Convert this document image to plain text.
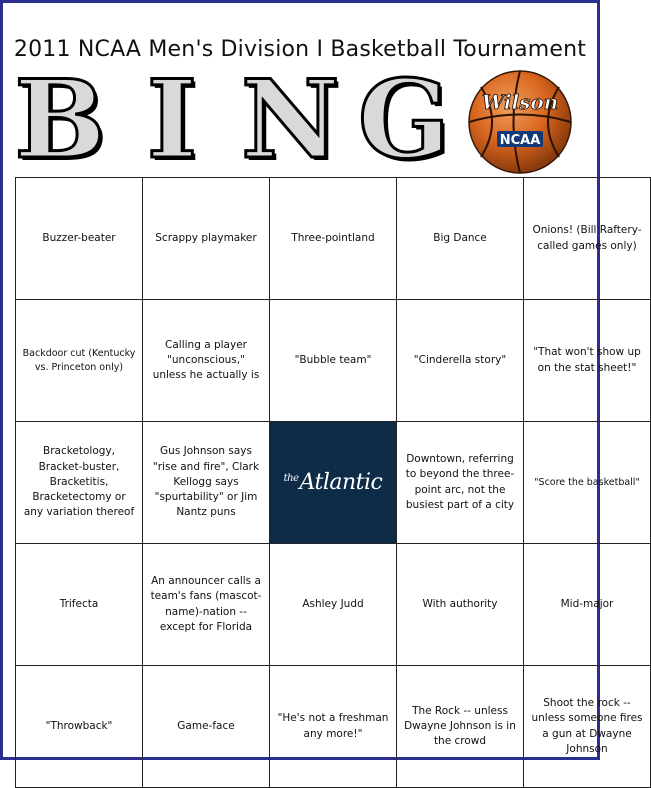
2011 NCAA Men's Division I Basketball Tournament
B I N G Wilson
NCAA
Buzzer-beater	Scrappy playmaker	Three-pointland	Big Dance	Onions! (Bill Raftery-called games only)
Backdoor cut (Kentucky vs. Princeton only)	Calling a player "unconscious," unless he actually is	"Bubble team"	"Cinderella story"	"That won't show up on the stat sheet!"
Bracketology, Bracket-buster, Bracketitis, Bracketectomy or any variation thereof	Gus Johnson says "rise and fire", Clark Kellogg says "spurtability" or Jim Nantz puns	$^{the}$Atlantic	Downtown, referring to beyond the three-point arc, not the busiest part of a city	"Score the basketball"
Trifecta	An announcer calls a team's fans (mascot-name)-nation -- except for Florida	Ashley Judd	With authority	Mid-major
"Throwback"	Game-face	"He's not a freshman any more!"	The Rock -- unless Dwayne Johnson is in the crowd	Shoot the rock -- unless someone fires a gun at Dwayne Johnson
